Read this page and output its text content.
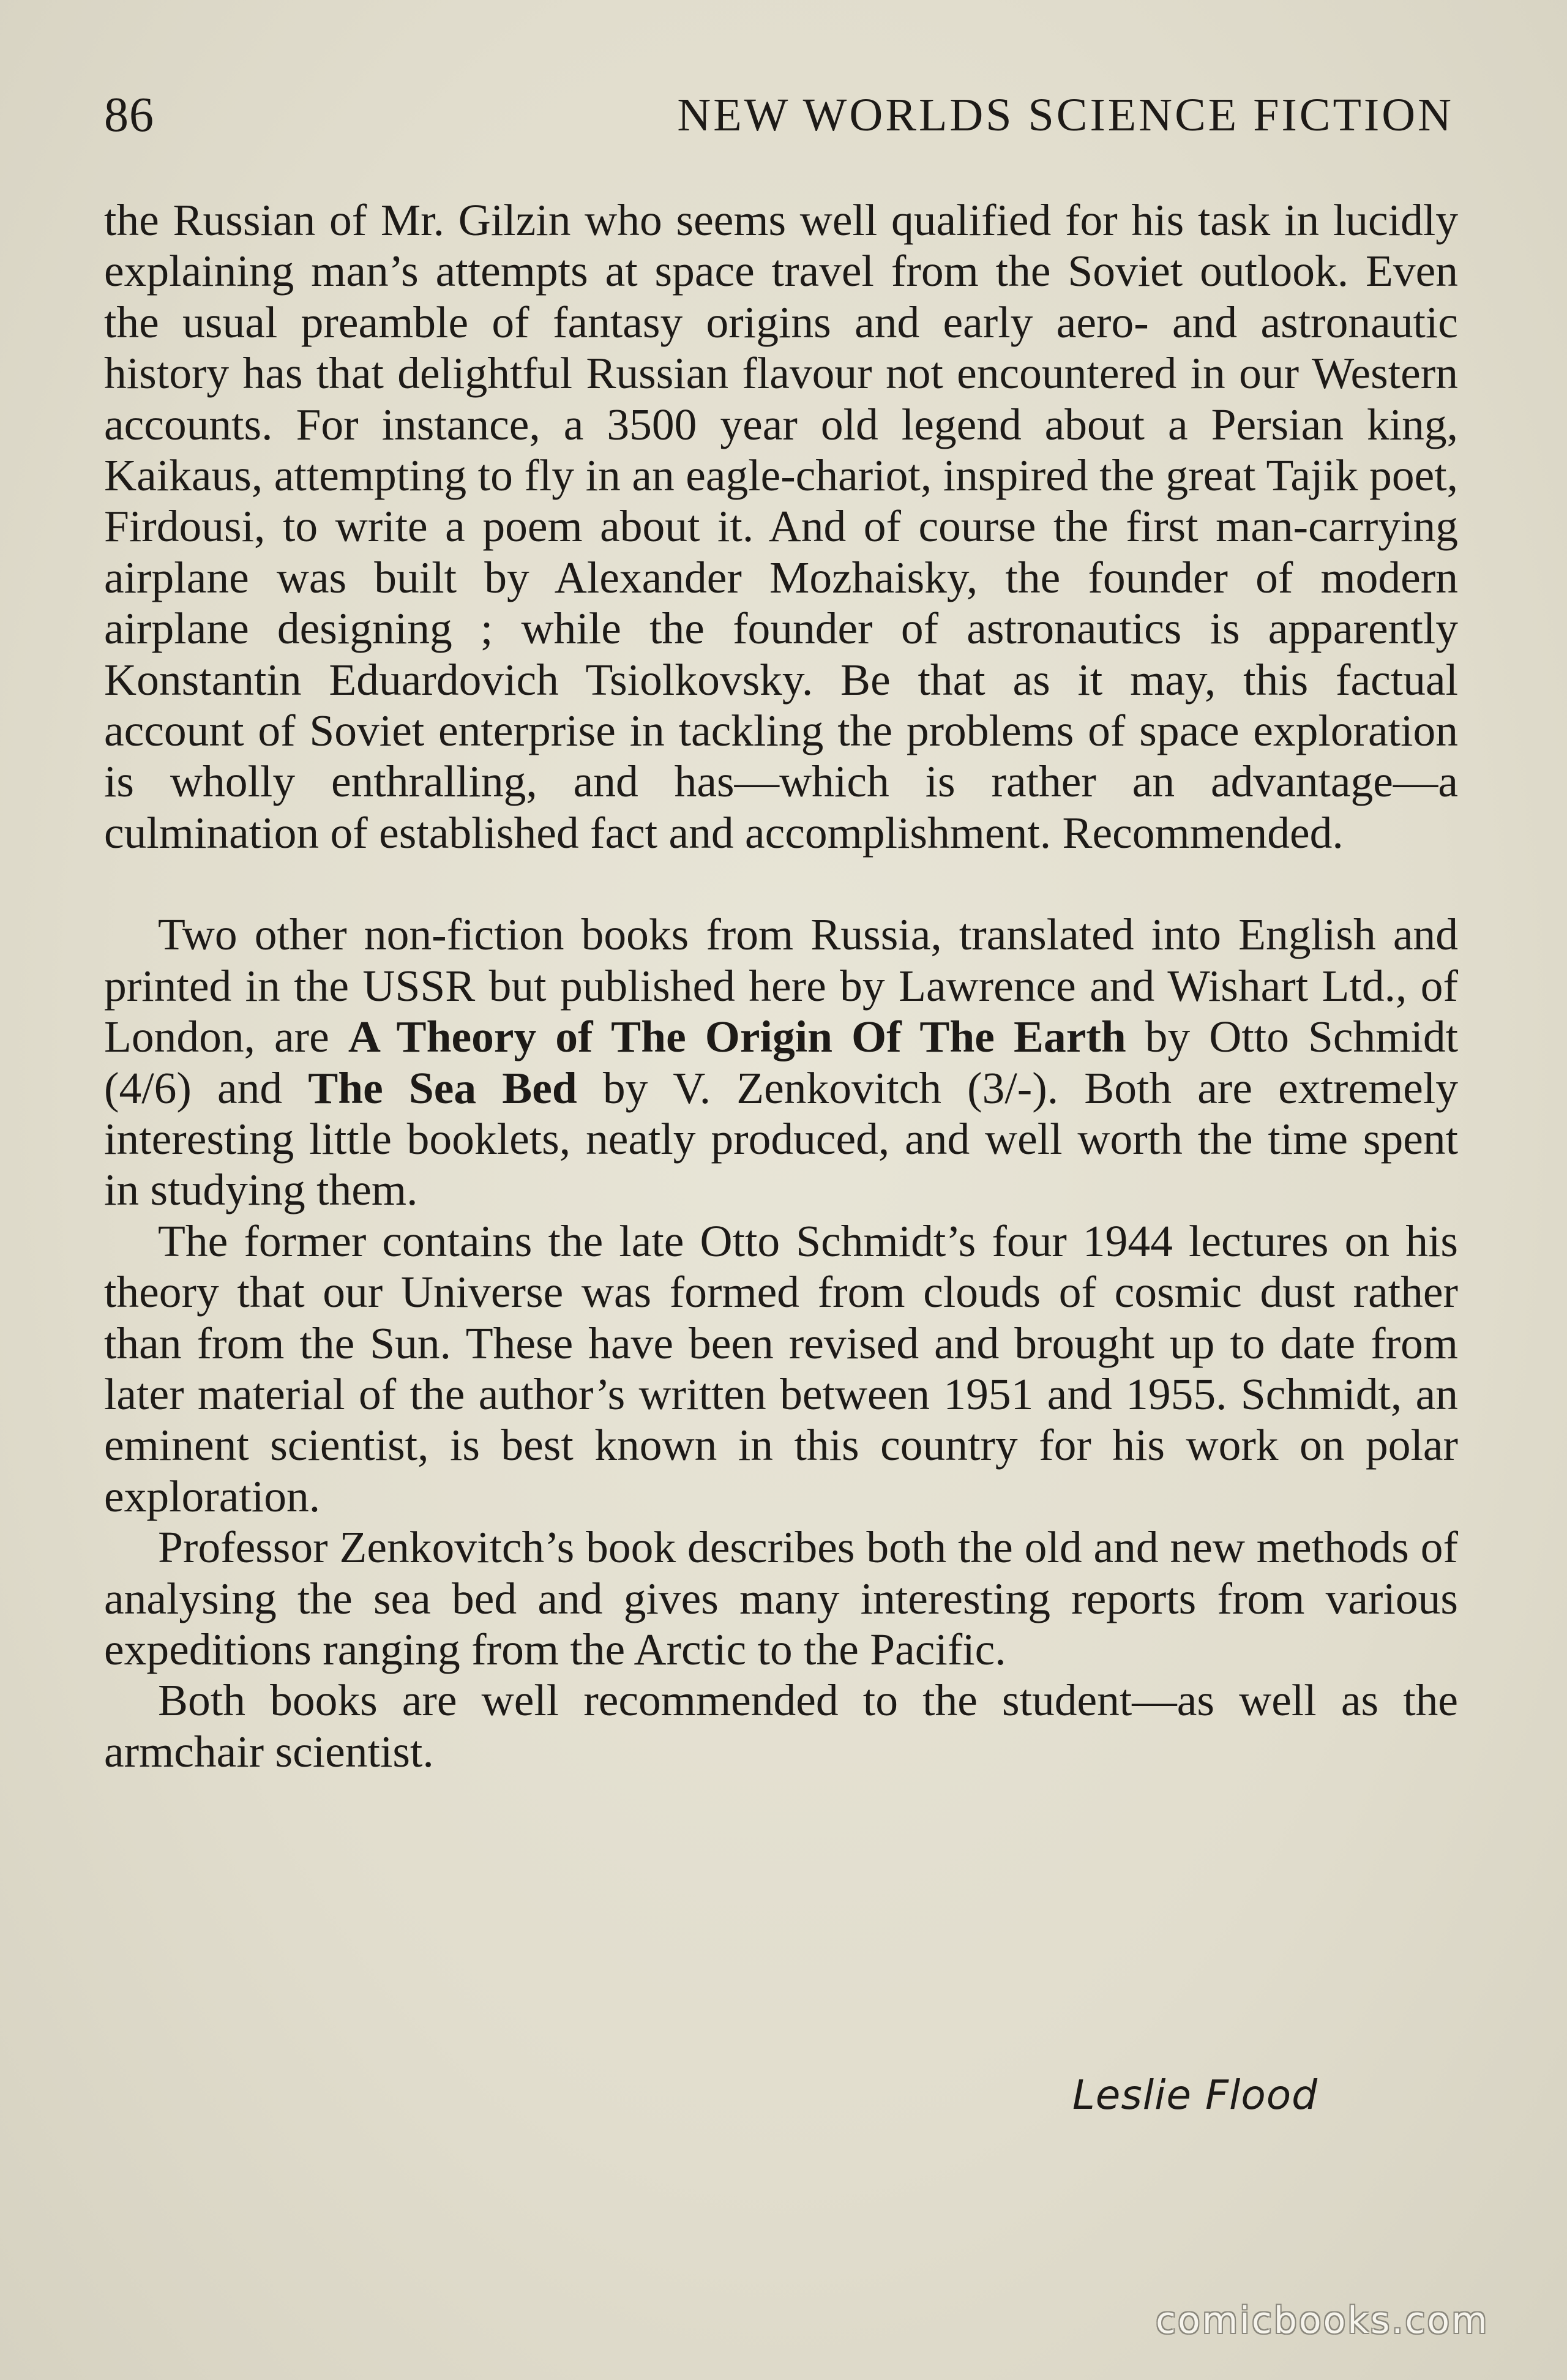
86	NEW WORLDS SCIENCE FICTION

the Russian of Mr. Gilzin who seems well qualified for his task in lucidly explaining man’s attempts at space travel from the Soviet outlook. Even the usual preamble of fantasy origins and early aero- and astronautic history has that delightful Russian flavour not encountered in our Western accounts. For instance, a 3500 year old legend about a Persian king, Kaikaus, attempting to fly in an eagle-chariot, inspired the great Tajik poet, Firdousi, to write a poem about it. And of course the first man-carrying airplane was built by Alexander Mozhaisky, the founder of modern airplane designing ; while the founder of astronautics is apparently Konstantin Eduardovich Tsiolkovsky. Be that as it may, this factual account of Soviet enterprise in tackling the problems of space exploration is wholly enthralling, and has—which is rather an advantage—a culmination of established fact and accomplishment. Recommended.

Two other non-fiction books from Russia, translated into English and printed in the USSR but published here by Lawrence and Wishart Ltd., of London, are A Theory of The Origin Of The Earth by Otto Schmidt (4/6) and The Sea Bed by V. Zenkovitch (3/-). Both are extremely interesting little booklets, neatly produced, and well worth the time spent in studying them.

The former contains the late Otto Schmidt’s four 1944 lectures on his theory that our Universe was formed from clouds of cosmic dust rather than from the Sun. These have been revised and brought up to date from later material of the author’s written between 1951 and 1955. Schmidt, an eminent scientist, is best known in this country for his work on polar exploration.

Professor Zenkovitch’s book describes both the old and new methods of analysing the sea bed and gives many interesting reports from various expeditions ranging from the Arctic to the Pacific.

Both books are well recommended to the student—as well as the armchair scientist.

Leslie Flood
comicbooks.com
